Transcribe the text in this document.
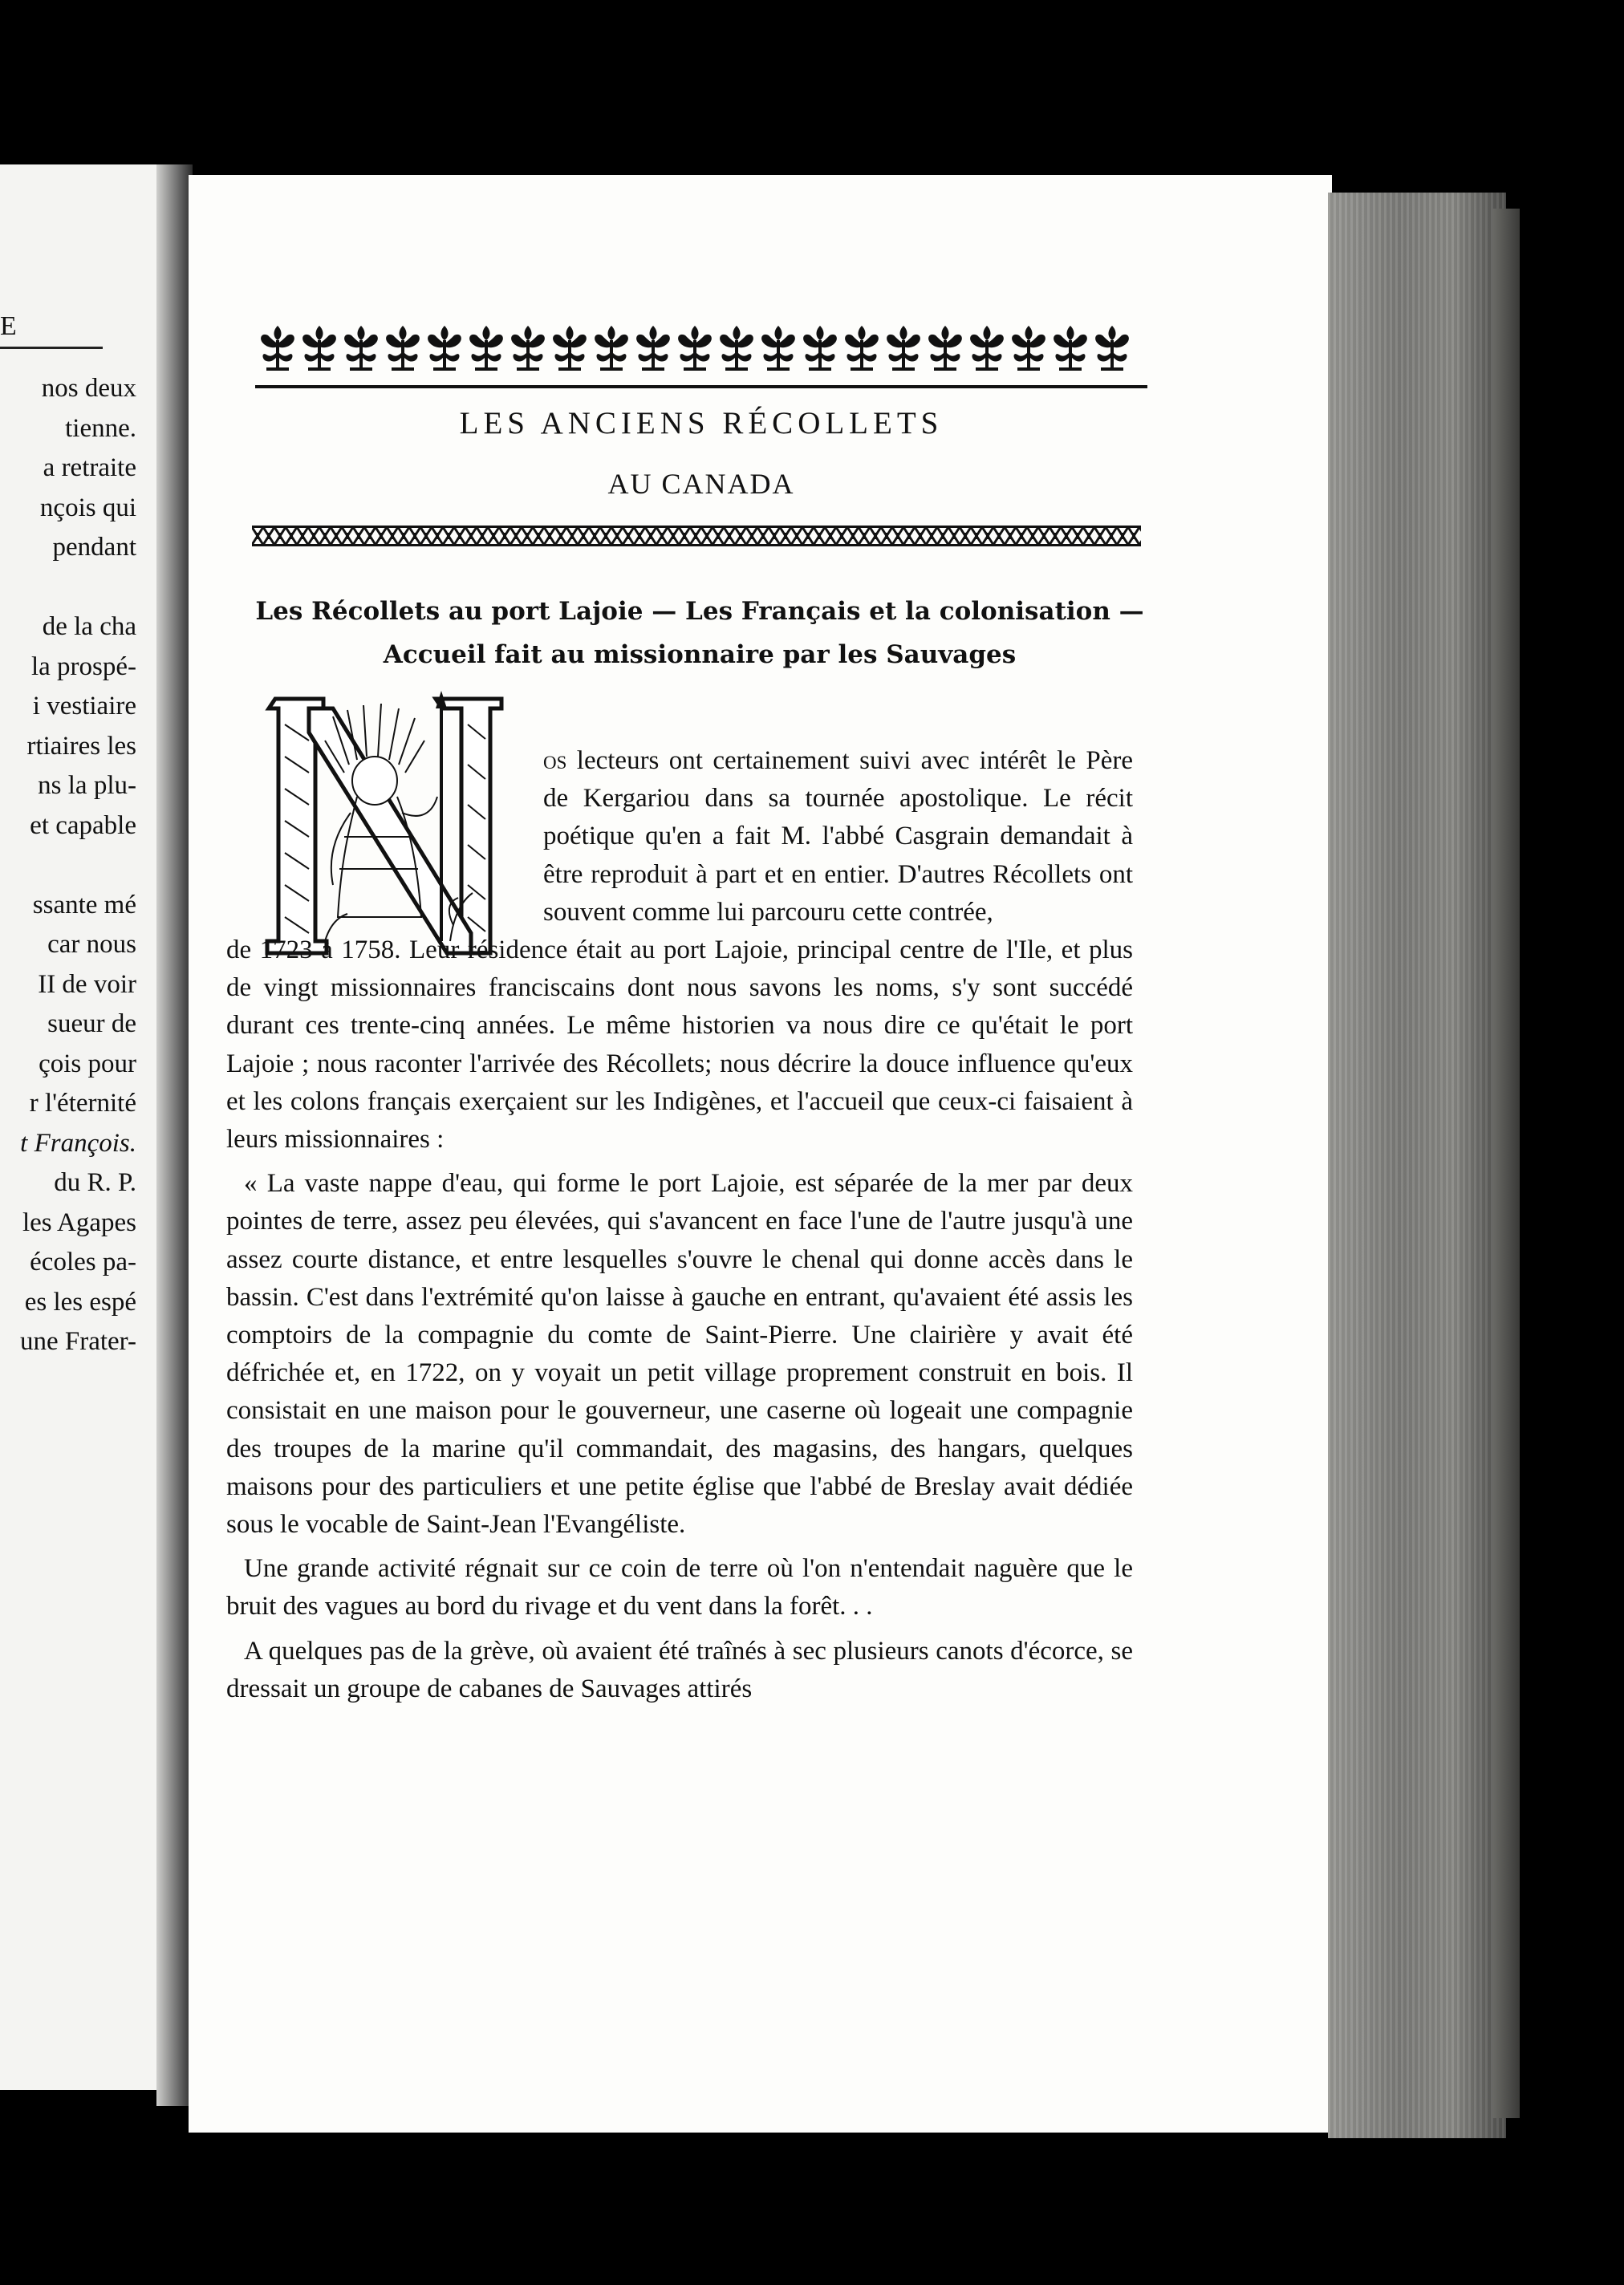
E
nos deux
tienne.
a retraite
nçois qui
pendant

de la cha
la prospé-
i vestiaire
rtiaires les
ns la plu-
et capable

ssante mé
car nous
II de voir
sueur de
çois pour
r l'éternité
t François.
du R. P.
les Agapes
écoles pa-
es les espé
une Frater-
LES ANCIENS RÉCOLLETS
AU CANADA
Les Récollets au port Lajoie — Les Français et la colonisation —
Accueil fait au missionnaire par les Sauvages

os lecteurs ont certainement suivi avec intérêt le Père de Kergariou dans sa tournée apostolique. Le récit poétique qu'en a fait M. l'abbé Casgrain demandait à être reproduit à part et en entier. D'autres Récollets ont souvent comme lui parcouru cette contrée,

de 1723 à 1758. Leur résidence était au port Lajoie, principal centre de l'Ile, et plus de vingt missionnaires franciscains dont nous savons les noms, s'y sont succédé durant ces trente-cinq années. Le même historien va nous dire ce qu'était le port Lajoie ; nous raconter l'arrivée des Récollets; nous décrire la douce influence qu'eux et les colons français exerçaient sur les Indigènes, et l'accueil que ceux-ci faisaient à leurs missionnaires :

« La vaste nappe d'eau, qui forme le port Lajoie, est séparée de la mer par deux pointes de terre, assez peu élevées, qui s'avancent en face l'une de l'autre jusqu'à une assez courte distance, et entre lesquelles s'ouvre le chenal qui donne accès dans le bassin. C'est dans l'extrémité qu'on laisse à gauche en entrant, qu'avaient été assis les comptoirs de la compagnie du comte de Saint-Pierre. Une clairière y avait été défrichée et, en 1722, on y voyait un petit village proprement construit en bois. Il consistait en une maison pour le gouverneur, une caserne où logeait une compagnie des troupes de la marine qu'il commandait, des magasins, des hangars, quelques maisons pour des particuliers et une petite église que l'abbé de Breslay avait dédiée sous le vocable de Saint-Jean l'Evangéliste.

Une grande activité régnait sur ce coin de terre où l'on n'entendait naguère que le bruit des vagues au bord du rivage et du vent dans la forêt. . .

A quelques pas de la grève, où avaient été traînés à sec plusieurs canots d'écorce, se dressait un groupe de cabanes de Sauvages attirés
